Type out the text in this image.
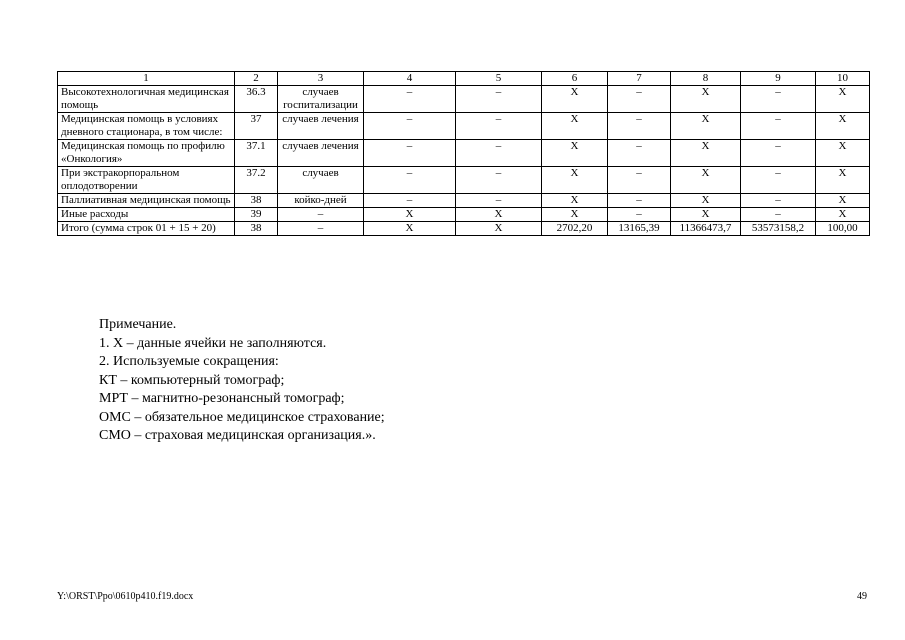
1	2	3	4	5	6	7	8	9	10
Высокотехнологичная медицинская помощь	36.3	случаев госпитализации	–	–	X	–	X	–	X
Медицинская помощь в условиях дневного стационара, в том числе:	37	случаев лечения	–	–	X	–	X	–	X
Медицинская помощь по профилю «Онкология»	37.1	случаев лечения	–	–	X	–	X	–	X
При экстракорпоральном оплодотворении	37.2	случаев	–	–	X	–	X	–	X
Паллиативная медицинская помощь	38	койко-дней	–	–	X	–	X	–	X
Иные расходы	39	–	X	X	X	–	X	–	X
Итого (сумма строк 01 + 15 + 20)	38	–	X	X	2702,20	13165,39	11366473,7	53573158,2	100,00
Примечание.
1. X – данные ячейки не заполняются.
2. Используемые сокращения:
КТ – компьютерный томограф;
МРТ – магнитно-резонансный томограф;
ОМС – обязательное медицинское страхование;
СМО – страховая медицинская организация.».
Y:\ORST\Ppo\0610p410.f19.docx	49
